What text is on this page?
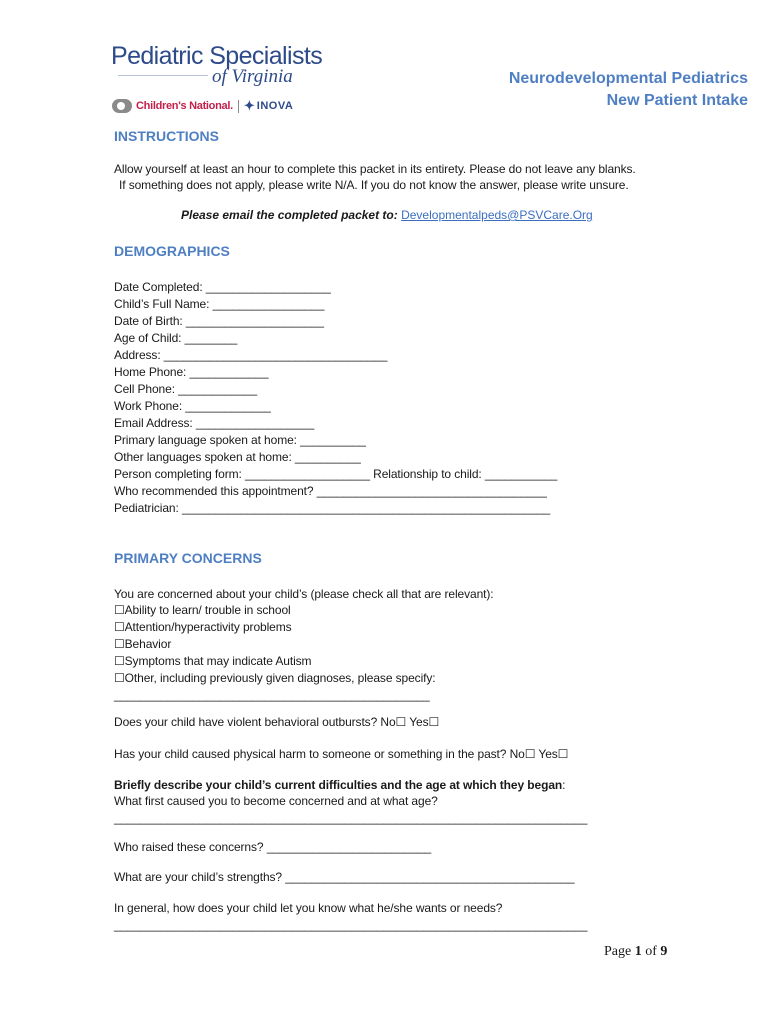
Pediatric Specialists
of Virginia
Children's National. ✦ INOVA
Neurodevelopmental Pediatrics
New Patient Intake
INSTRUCTIONS
Allow yourself at least an hour to complete this packet in its entirety. Please do not leave any blanks.
If something does not apply, please write N/A. If you do not know the answer, please write unsure.
Please email the completed packet to: Developmentalpeds@PSVCare.Org
DEMOGRAPHICS
Date Completed: ___________________
Child’s Full Name: _________________
Date of Birth: _____________________
Age of Child: ________
Address: __________________________________
Home Phone: ____________
Cell Phone: ____________
Work Phone: _____________
Email Address: __________________
Primary language spoken at home: __________
Other languages spoken at home: __________
Person completing form: ___________________ Relationship to child: ___________
Who recommended this appointment? ___________________________________
Pediatrician: ________________________________________________________
PRIMARY CONCERNS
You are concerned about your child’s (please check all that are relevant):
☐Ability to learn/ trouble in school
☐Attention/hyperactivity problems
☐Behavior
☐Symptoms that may indicate Autism
☐Other, including previously given diagnoses, please specify:
________________________________________________
Does your child have violent behavioral outbursts? No☐ Yes☐
Has your child caused physical harm to someone or something in the past? No☐ Yes☐
Briefly describe your child’s current difficulties and the age at which they began:
What first caused you to become concerned and at what age?
________________________________________________________________________
Who raised these concerns? _________________________
What are your child’s strengths? ____________________________________________
In general, how does your child let you know what he/she wants or needs?
________________________________________________________________________
Page 1 of 9
